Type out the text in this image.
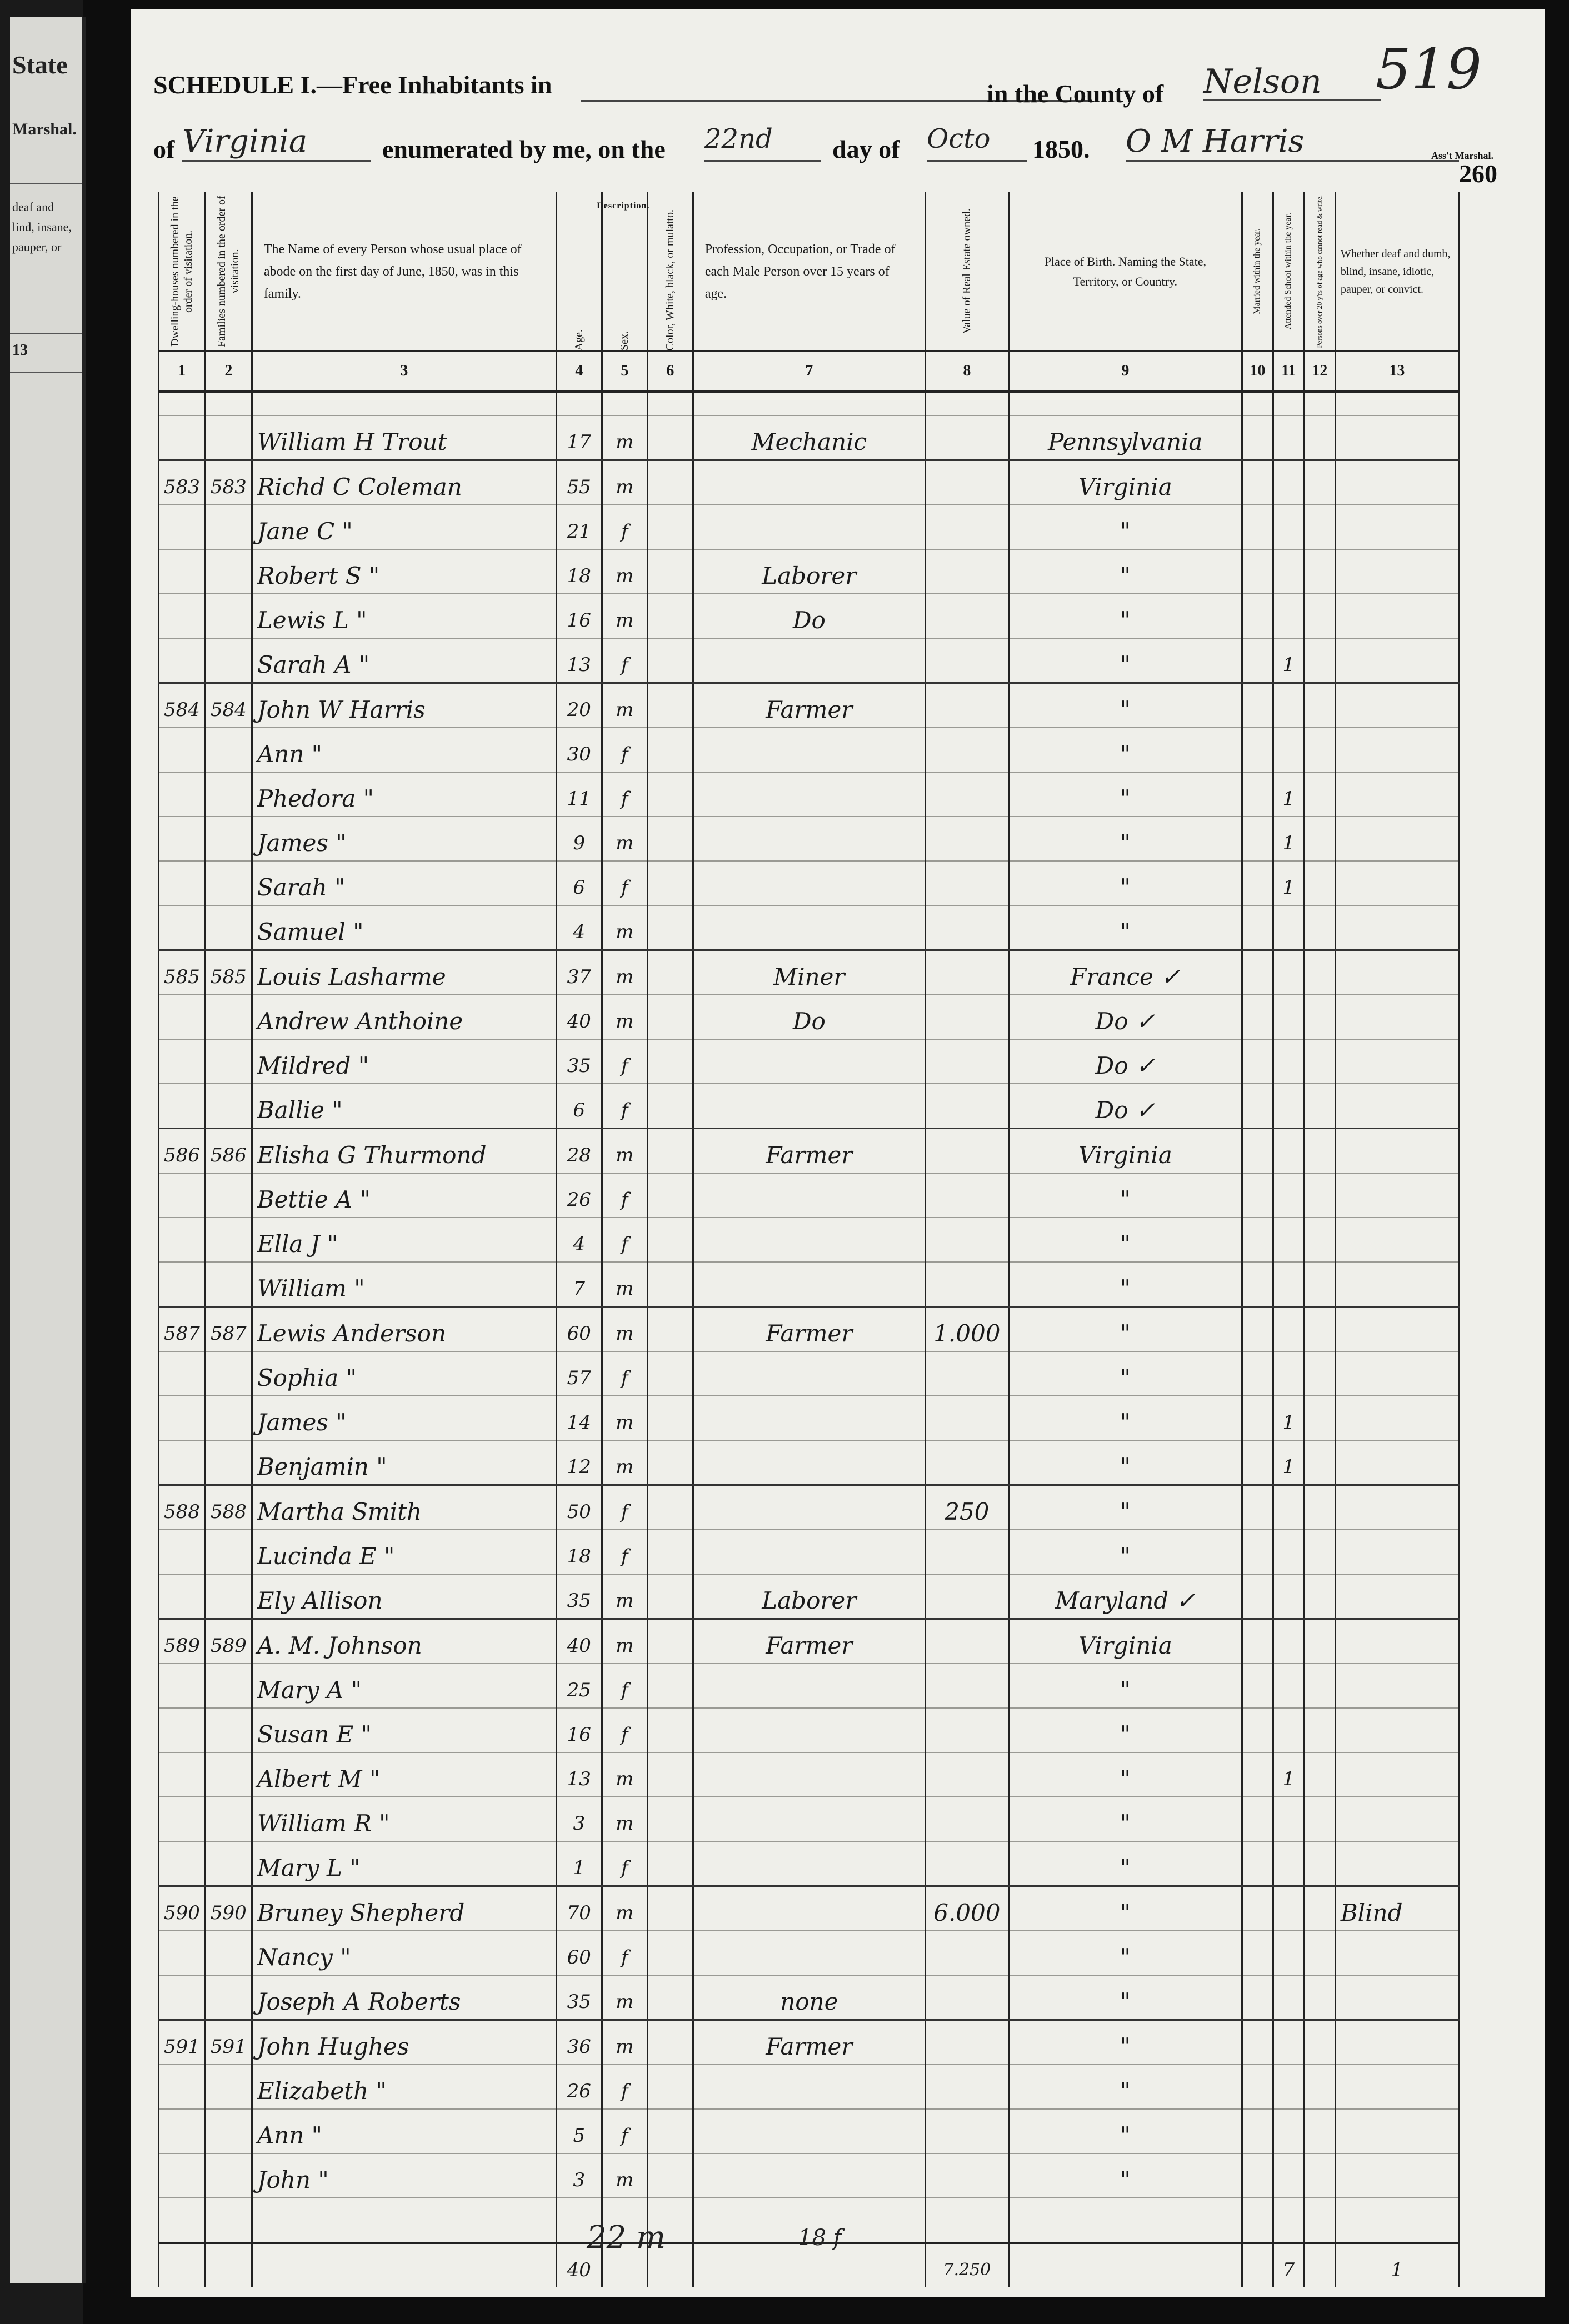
State
Marshal.
deaf and
lind, insane,
pauper, or
13
SCHEDULE I.—Free Inhabitants in	in the County of Nelson 519
of Virginia	enumerated by me, on the 22nd	day of Octo	1850. O M Harris	Ass't Marshal.
260
Dwelling-houses numbered in the order of visitation.	Families numbered in the order of visitation.	The Name of every Person whose usual place of abode on the first day of June, 1850, was in this family.	Age.	Sex.	Description.
Color, White, black, or mulatto.	Profession, Occupation, or Trade of each Male Person over 15 years of age.	Value of Real Estate owned.	Place of Birth. Naming the State, Territory, or Country.	Married within the year.	Attended School within the year.	Persons over 20 y'rs of age who cannot read & write.	Whether deaf and dumb, blind, insane, idiotic, pauper, or convict.
1	2	3	4	5	6	7	8	9	10	11	12	13

		William H Trout	17	m		Mechanic		Pennsylvania				
583	583	Richd C Coleman	55	m				Virginia				
		Jane C "	21	f				"				
		Robert S "	18	m		Laborer		"				
		Lewis L "	16	m		Do		"				
		Sarah A "	13	f				"		1		
584	584	John W Harris	20	m		Farmer		"				
		Ann "	30	f				"				
		Phedora "	11	f				"		1		
		James "	9	m				"		1		
		Sarah "	6	f				"		1		
		Samuel "	4	m				"				
585	585	Louis Lasharme	37	m		Miner		France ✓				
		Andrew Anthoine	40	m		Do		Do ✓				
		Mildred "	35	f				Do ✓				
		Ballie "	6	f				Do ✓				
586	586	Elisha G Thurmond	28	m		Farmer		Virginia				
		Bettie A "	26	f				"				
		Ella J "	4	f				"				
		William "	7	m				"				
587	587	Lewis Anderson	60	m		Farmer	1.000	"				
		Sophia "	57	f				"				
		James "	14	m				"		1		
		Benjamin "	12	m				"		1		
588	588	Martha Smith	50	f			250	"				
		Lucinda E "	18	f				"				
		Ely Allison	35	m		Laborer		Maryland ✓				
589	589	A. M. Johnson	40	m		Farmer		Virginia				
		Mary A "	25	f				"				
		Susan E "	16	f				"				
		Albert M "	13	m				"		1		
		William R "	3	m				"				
		Mary L "	1	f				"				
590	590	Bruney Shepherd	70	m			6.000	"				Blind
		Nancy "	60	f				"				
		Joseph A Roberts	35	m		none		"				
591	591	John Hughes	36	m		Farmer		"				
		Elizabeth "	26	f				"				
		Ann "	5	f				"				
		John "	3	m				"				

			40				7.250			7		1
22 m	18 f
